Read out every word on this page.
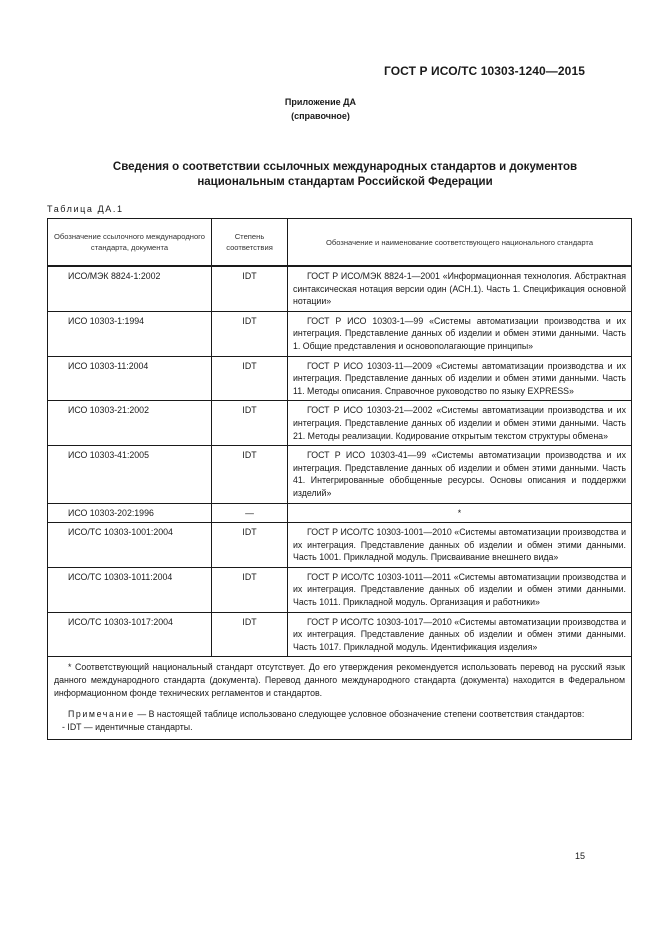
ГОСТ Р ИСО/ТС 10303-1240—2015
Приложение ДА
(справочное)
Сведения о соответствии ссылочных международных стандартов и документов
национальным стандартам Российской Федерации
Таблица ДА.1
Обозначение ссылочного международного стандарта, документа	Степень соответствия	Обозначение и наименование соответствующего национального стандарта
ИСО/МЭК 8824-1:2002	IDT	ГОСТ Р ИСО/МЭК 8824-1—2001 «Информационная технология. Абстрактная синтаксическая нотация версии один (АСН.1). Часть 1. Спецификация основной нотации»
ИСО 10303-1:1994	IDT	ГОСТ Р ИСО 10303-1—99 «Системы автоматизации производства и их интеграция. Представление данных об изделии и обмен этими данными. Часть 1. Общие представления и основополагающие принципы»
ИСО 10303-11:2004	IDT	ГОСТ Р ИСО 10303-11—2009 «Системы автоматизации производства и их интеграция. Представление данных об изделии и обмен этими данными. Часть 11. Методы описания. Справочное руководство по языку EXPRESS»
ИСО 10303-21:2002	IDT	ГОСТ Р ИСО 10303-21—2002 «Системы автоматизации производства и их интеграция. Представление данных об изделии и обмен этими данными. Часть 21. Методы реализации. Кодирование открытым текстом структуры обмена»
ИСО 10303-41:2005	IDT	ГОСТ Р ИСО 10303-41—99 «Системы автоматизации производства и их интеграция. Представление данных об изделии и обмен этими данными. Часть 41. Интегрированные обобщенные ресурсы. Основы описания и поддержки изделий»
ИСО 10303-202:1996	—	*
ИСО/ТС 10303-1001:2004	IDT	ГОСТ Р ИСО/ТС 10303-1001—2010 «Системы автоматизации производства и их интеграция. Представление данных об изделии и обмен этими данными. Часть 1001. Прикладной модуль. Присваивание внешнего вида»
ИСО/ТС 10303-1011:2004	IDT	ГОСТ Р ИСО/ТС 10303-1011—2011 «Системы автоматизации производства и их интеграция. Представление данных об изделии и обмен этими данными. Часть 1011. Прикладной модуль. Организация и работники»
ИСО/ТС 10303-1017:2004	IDT	ГОСТ Р ИСО/ТС 10303-1017—2010 «Системы автоматизации производства и их интеграция. Представление данных об изделии и обмен этими данными. Часть 1017. Прикладной модуль. Идентификация изделия»

* Соответствующий национальный стандарт отсутствует. До его утверждения рекомендуется использовать перевод на русский язык данного международного стандарта (документа). Перевод данного международного стандарта (документа) находится в Федеральном информационном фонде технических регламентов и стандартов.

Примечание — В настоящей таблице использовано следующее условное обозначение степени соответствия стандартов:

- IDT — идентичные стандарты.		

15
